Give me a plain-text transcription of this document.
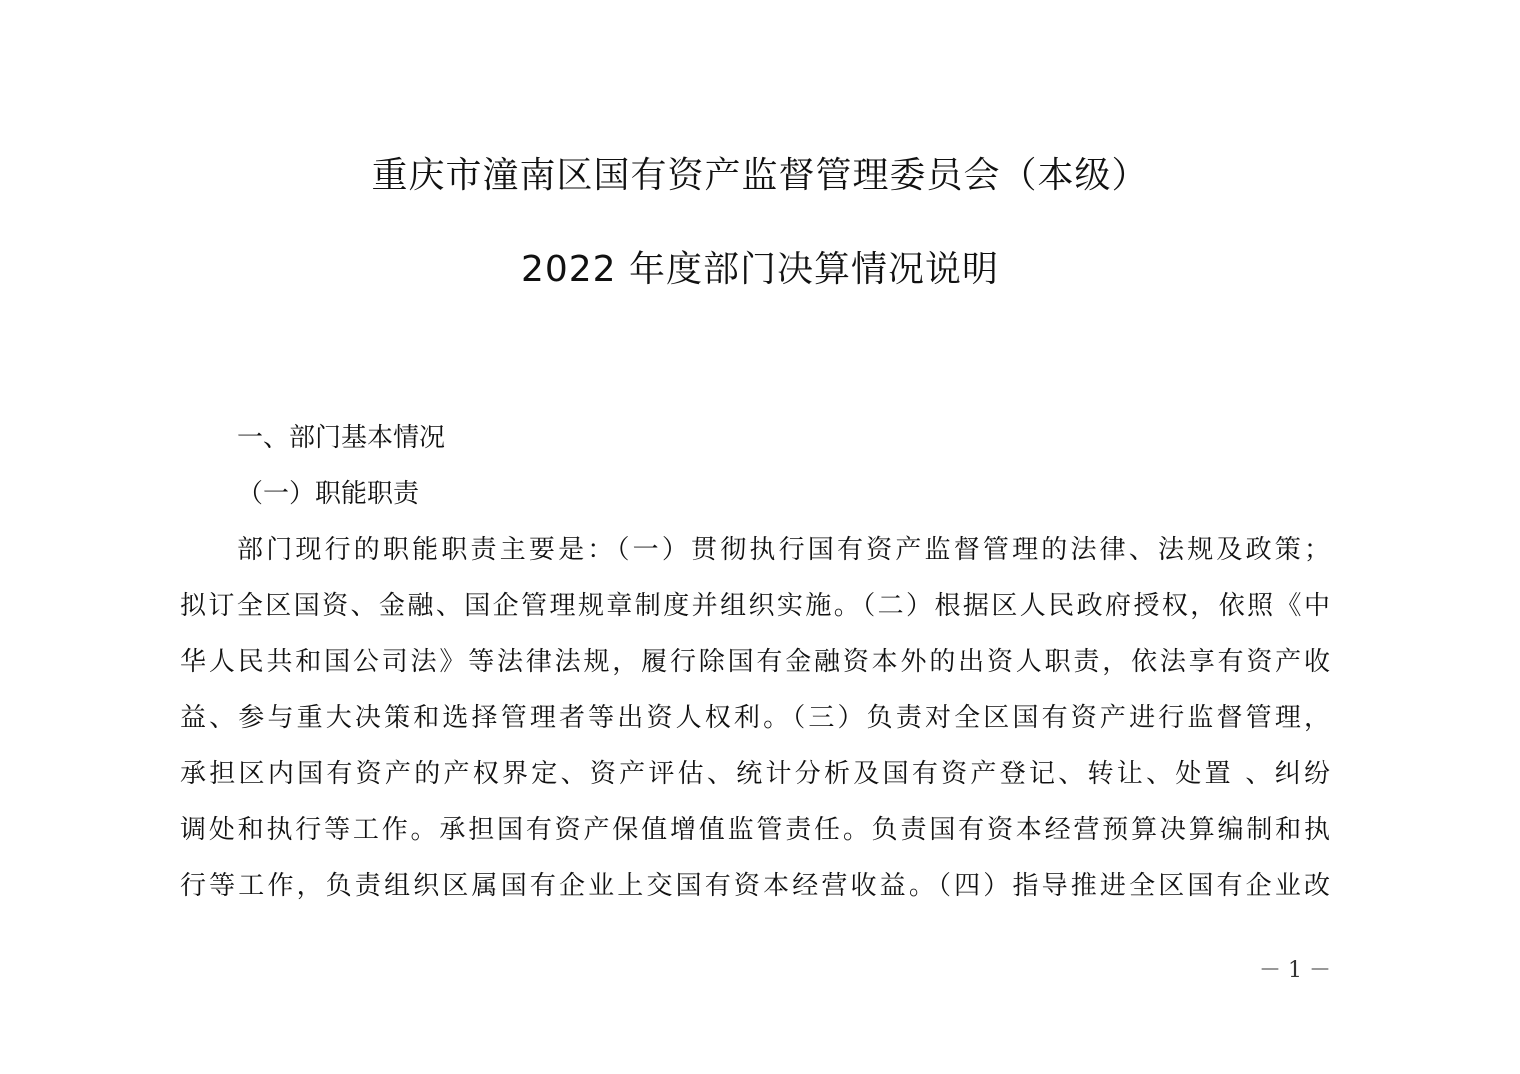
重庆市潼南区国有资产监督管理委员会（本级）
2022 年度部门决算情况说明
一、部门基本情况
（一）职能职责
部门现行的职能职责主要是：（一）贯彻执行国有资产监督管理的法律、法规及政策；
拟订全区国资、金融、国企管理规章制度并组织实施。（二）根据区人民政府授权，依照《中
华人民共和国公司法》等法律法规，履行除国有金融资本外的出资人职责，依法享有资产收
益、参与重大决策和选择管理者等出资人权利。（三）负责对全区国有资产进行监督管理，
承担区内国有资产的产权界定、资产评估、统计分析及国有资产登记、转让、处置 、纠纷
调处和执行等工作。承担国有资产保值增值监管责任。负责国有资本经营预算决算编制和执
行等工作，负责组织区属国有企业上交国有资本经营收益。（四）指导推进全区国有企业改
－ 1 －
